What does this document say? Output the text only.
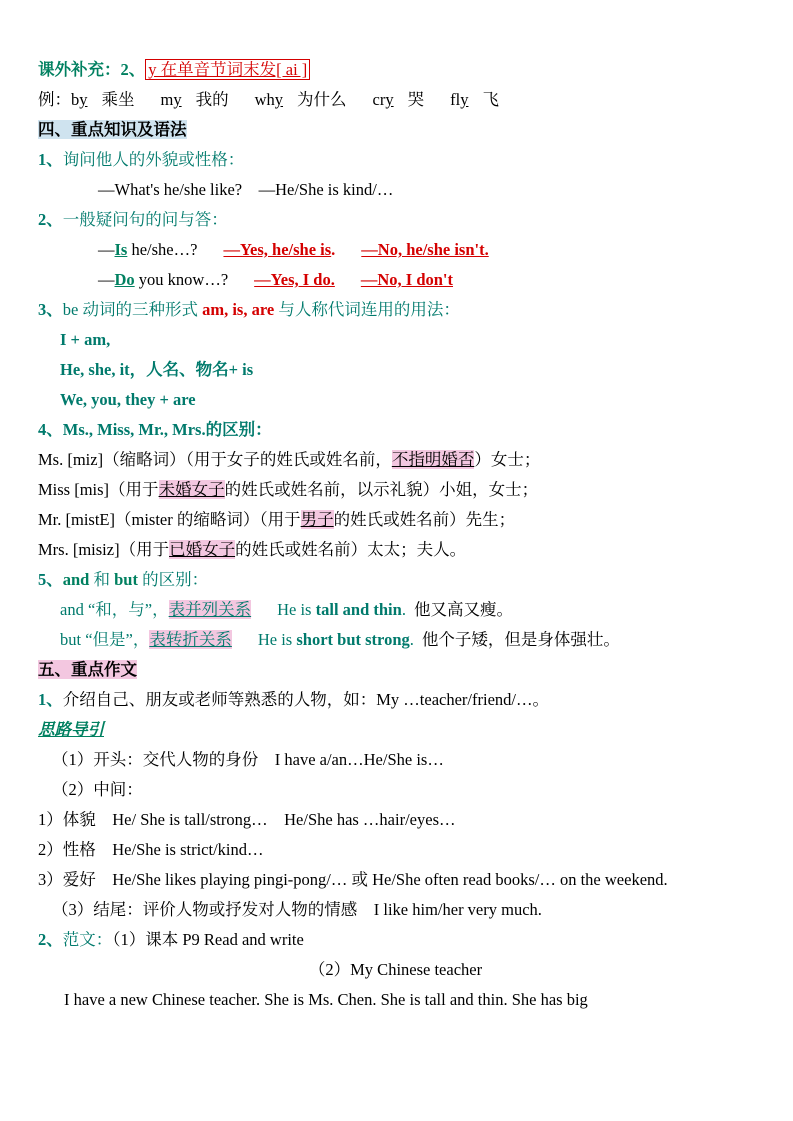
课外补充：2、 y 在单音节词末发[ ai ]
例：by 乘坐 my 我的 why 为什么 cry 哭 fly 飞
四、重点知识及语法
1、询问他人的外貌或性格：
—What's he/she like?　—He/She is kind/…
2、一般疑问句的问与答：
—Is he/she…? —Yes, he/she is. —No, he/she isn't.
—Do you know…? —Yes, I do. —No, I don't
3、be 动词的三种形式 am, is, are 与人称代词连用的用法：
I + am,
He, she, it，人名、物名+ is
We, you, they + are
4、Ms., Miss, Mr., Mrs.的区别：
Ms. [miz]（缩略词）（用于女子的姓氏或姓名前，不指明婚否）女士；
Miss [mis]（用于未婚女子的姓氏或姓名前，以示礼貌）小姐，女士；
Mr. [mistE]（mister 的缩略词）（用于男子的姓氏或姓名前）先生；
Mrs. [misiz]（用于已婚女子的姓氏或姓名前）太太；夫人。
5、and 和 but 的区别：
and “和，与”，表并列关系 He is tall and thin. 他又高又瘦。
but “但是”，表转折关系 He is short but strong. 他个子矮，但是身体强壮。
五、重点作文
1、介绍自己、朋友或老师等熟悉的人物，如：My …teacher/friend/…。
思路导引
（1）开头：交代人物的身份　I have a/an…He/She is…
（2）中间：
1）体貌　He/ She is tall/strong…　He/She has …hair/eyes…
2）性格　He/She is strict/kind…
3）爱好　He/She likes playing pingi-pong/… 或 He/She often read books/… on the weekend.
（3）结尾：评价人物或抒发对人物的情感　I like him/her very much.
2、范文：（1）课本 P9 Read and write
（2）My Chinese teacher
I have a new Chinese teacher. She is Ms. Chen. She is tall and thin. She has big
